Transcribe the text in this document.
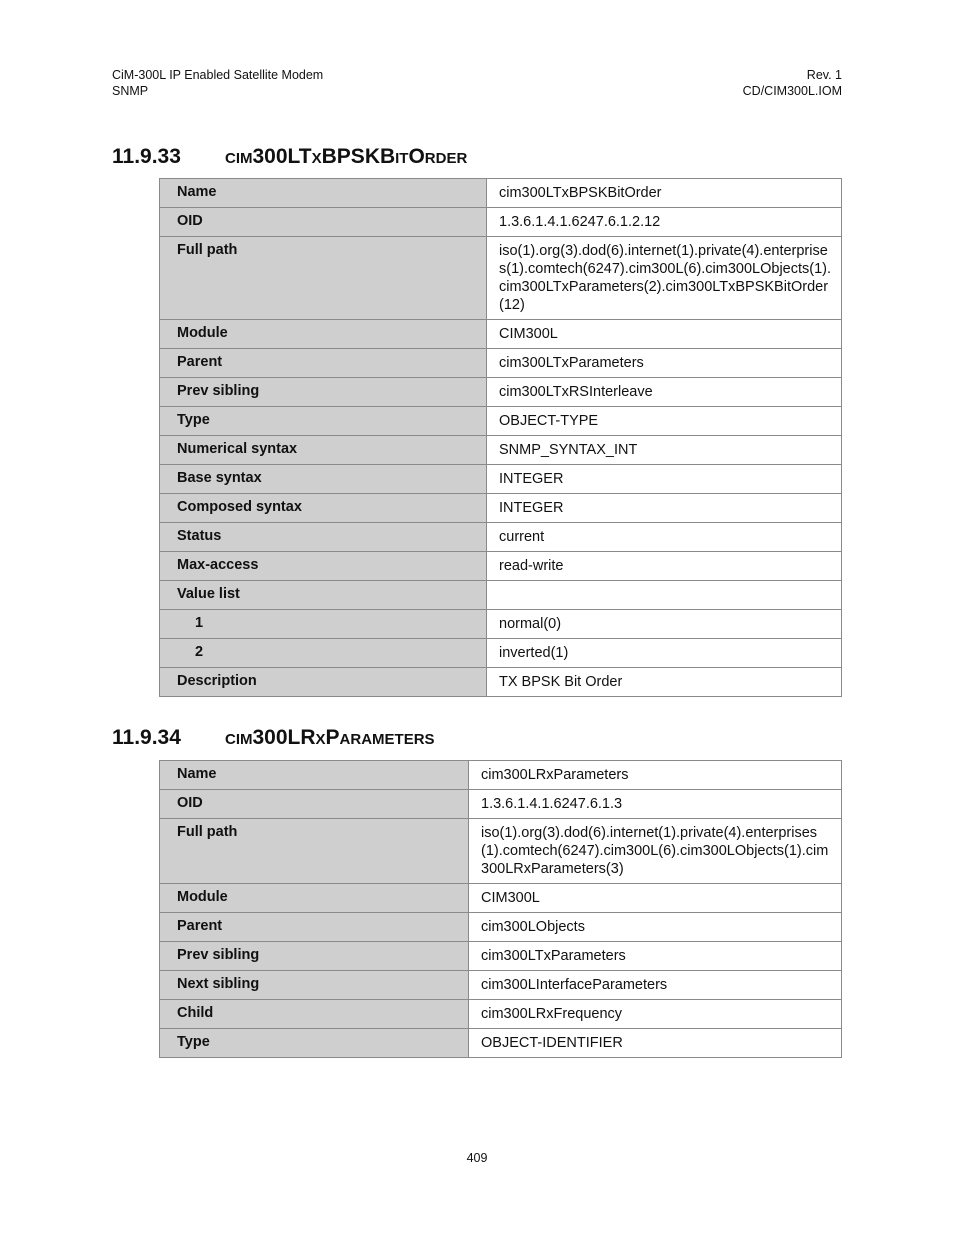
CiM-300L IP Enabled Satellite Modem
SNMP
Rev. 1
CD/CIM300L.IOM
11.9.33 cim300LTxBPSKBitOrder
Name	cim300LTxBPSKBitOrder
OID	1.3.6.1.4.1.6247.6.1.2.12
Full path	iso(1).org(3).dod(6).internet(1).private(4).enterprises(1).comtech(6247).cim300L(6).cim300LObjects(1).cim300LTxParameters(2).cim300LTxBPSKBitOrder(12)
Module	CIM300L
Parent	cim300LTxParameters
Prev sibling	cim300LTxRSInterleave
Type	OBJECT-TYPE
Numerical syntax	SNMP_SYNTAX_INT
Base syntax	INTEGER
Composed syntax	INTEGER
Status	current
Max-access	read-write
Value list	
1	normal(0)
2	inverted(1)
Description	TX BPSK Bit Order
11.9.34 cim300LRxParameters
Name	cim300LRxParameters
OID	1.3.6.1.4.1.6247.6.1.3
Full path	iso(1).org(3).dod(6).internet(1).private(4).enterprises(1).comtech(6247).cim300L(6).cim300LObjects(1).cim300LRxParameters(3)
Module	CIM300L
Parent	cim300LObjects
Prev sibling	cim300LTxParameters
Next sibling	cim300LInterfaceParameters
Child	cim300LRxFrequency
Type	OBJECT-IDENTIFIER
409
